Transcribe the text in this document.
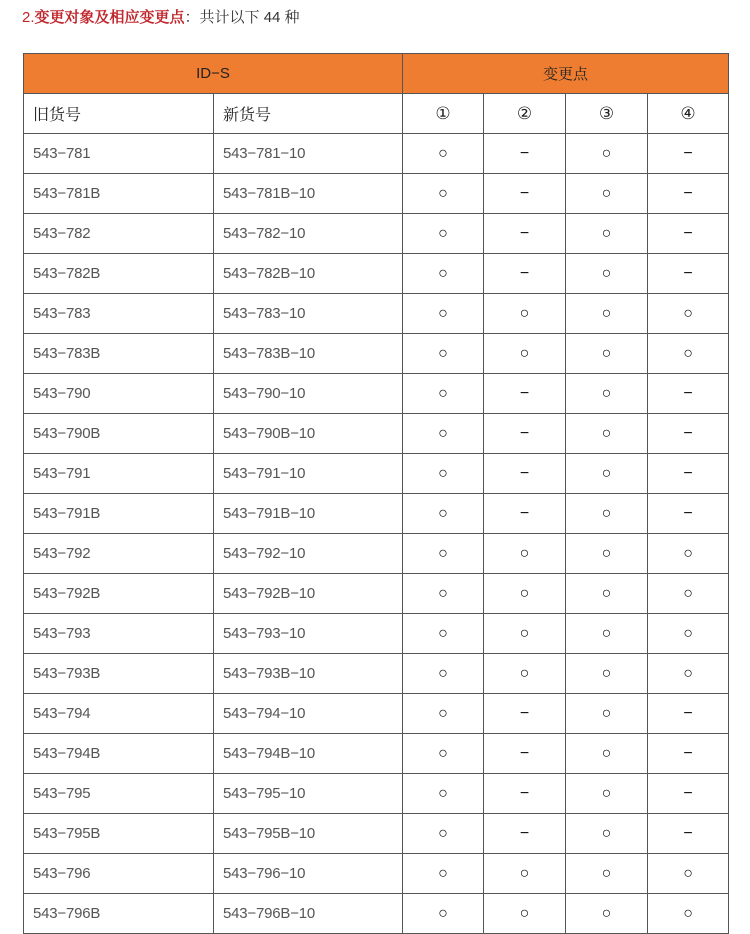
2.变更对象及相应变更点：共计以下 44 种
ID−S		变更点			
旧货号	新货号	①	②	③	④
543−781	543−781−10	○	−	○	−
543−781B	543−781B−10	○	−	○	−
543−782	543−782−10	○	−	○	−
543−782B	543−782B−10	○	−	○	−
543−783	543−783−10	○	○	○	○
543−783B	543−783B−10	○	○	○	○
543−790	543−790−10	○	−	○	−
543−790B	543−790B−10	○	−	○	−
543−791	543−791−10	○	−	○	−
543−791B	543−791B−10	○	−	○	−
543−792	543−792−10	○	○	○	○
543−792B	543−792B−10	○	○	○	○
543−793	543−793−10	○	○	○	○
543−793B	543−793B−10	○	○	○	○
543−794	543−794−10	○	−	○	−
543−794B	543−794B−10	○	−	○	−
543−795	543−795−10	○	−	○	−
543−795B	543−795B−10	○	−	○	−
543−796	543−796−10	○	○	○	○
543−796B	543−796B−10	○	○	○	○
